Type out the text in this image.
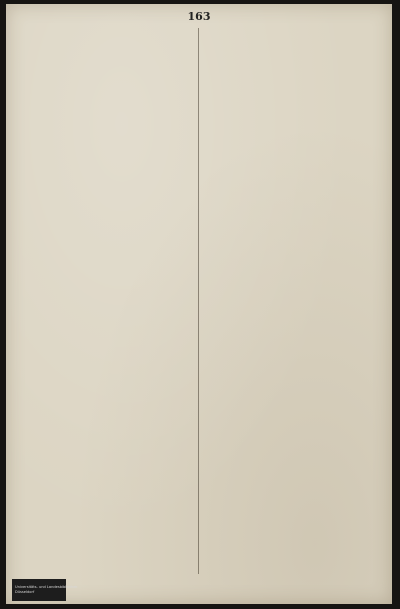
163
Universitäts- und Landesbibliothek
Düsseldorf
